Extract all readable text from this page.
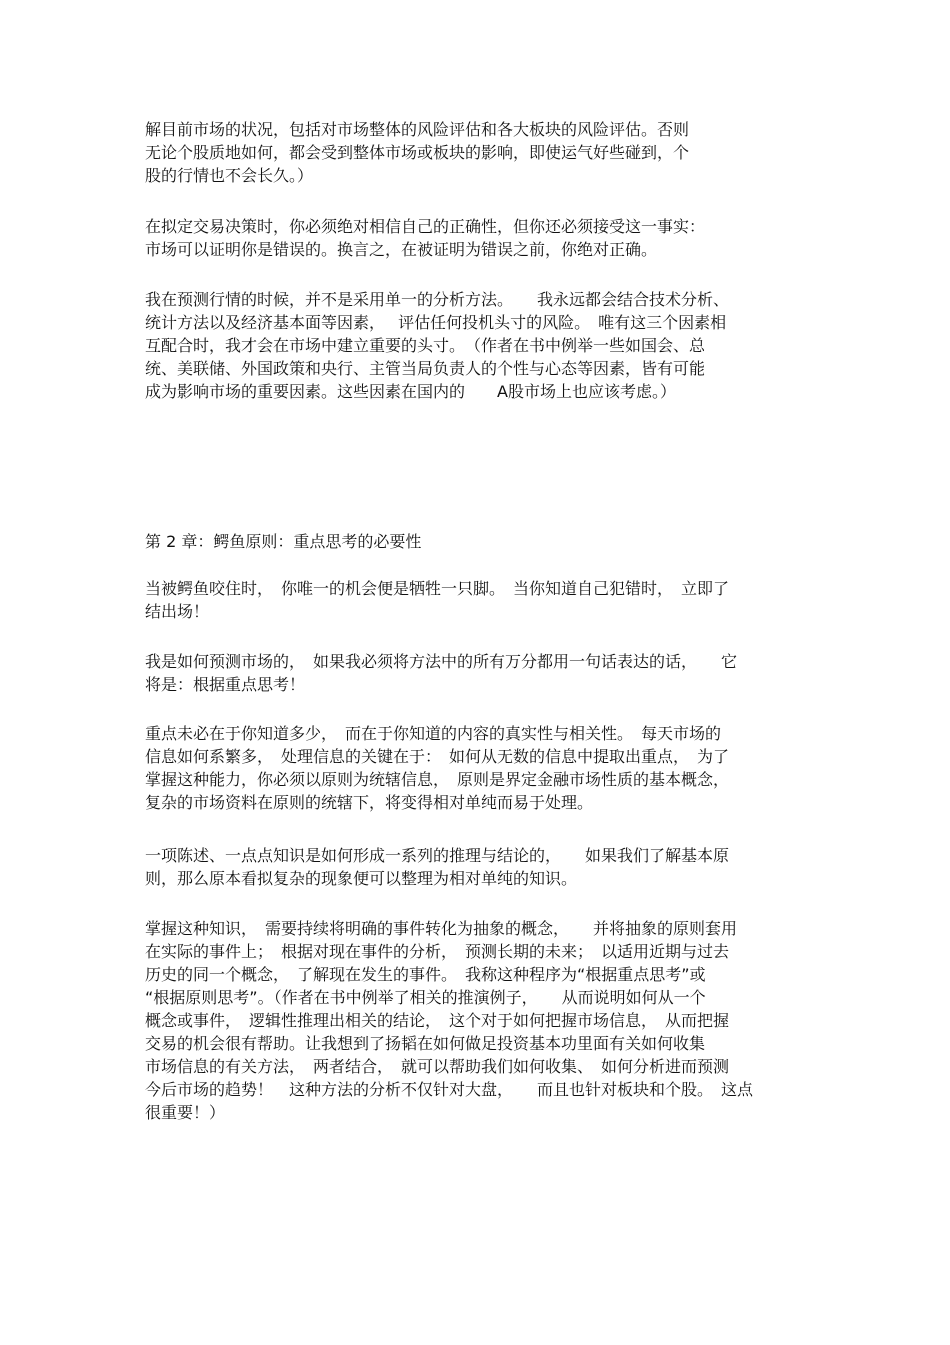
解目前市场的状况，包括对市场整体的风险评估和各大板块的风险评估。否则
无论个股质地如何，都会受到整体市场或板块的影响，即使运气好些碰到，个
股的行情也不会长久。）
在拟定交易决策时，你必须绝对相信自己的正确性，但你还必须接受这一事实：
市场可以证明你是错误的。换言之，在被证明为错误之前，你绝对正确。
我在预测行情的时候，并不是采用单一的分析方法。　　我永远都会结合技术分析、
统计方法以及经济基本面等因素，　 评估任何投机头寸的风险。　唯有这三个因素相
互配合时，我才会在市场中建立重要的头寸。　（作者在书中例举一些如国会、总
统、美联储、外国政策和央行、主管当局负责人的个性与心态等因素，皆有可能
成为影响市场的重要因素。这些因素在国内的　　A股市场上也应该考虑。）
第 2 章：鳄鱼原则：重点思考的必要性
当被鳄鱼咬住时，　你唯一的机会便是牺牲一只脚。　当你知道自己犯错时，　立即了
结出场！
我是如何预测市场的，　如果我必须将方法中的所有万分都用一句话表达的话，　　它
将是：根据重点思考！
重点未必在于你知道多少，　而在于你知道的内容的真实性与相关性。　每天市场的
信息如何系繁多，　处理信息的关键在于：　如何从无数的信息中提取出重点，　为了
掌握这种能力，你必须以原则为统辖信息，　原则是界定金融市场性质的基本概念，
复杂的市场资料在原则的统辖下，将变得相对单纯而易于处理。
一项陈述、一点点知识是如何形成一系列的推理与结论的，　　如果我们了解基本原
则，那么原本看拟复杂的现象便可以整理为相对单纯的知识。
掌握这种知识，　需要持续将明确的事件转化为抽象的概念，　　并将抽象的原则套用
在实际的事件上；　根据对现在事件的分析，　预测长期的未来；　以适用近期与过去
历史的同一个概念，　了解现在发生的事件。　我称这种程序为“根据重点思考”或
“根据原则思考”。（作者在书中例举了相关的推演例子，　　从而说明如何从一个
概念或事件，　逻辑性推理出相关的结论，　这个对于如何把握市场信息，　从而把握
交易的机会很有帮助。让我想到了扬韬在如何做足投资基本功里面有关如何收集
市场信息的有关方法，　两者结合，　就可以帮助我们如何收集、　如何分析进而预测
今后市场的趋势！　这种方法的分析不仅针对大盘，　　而且也针对板块和个股。　这点
很重要！）
